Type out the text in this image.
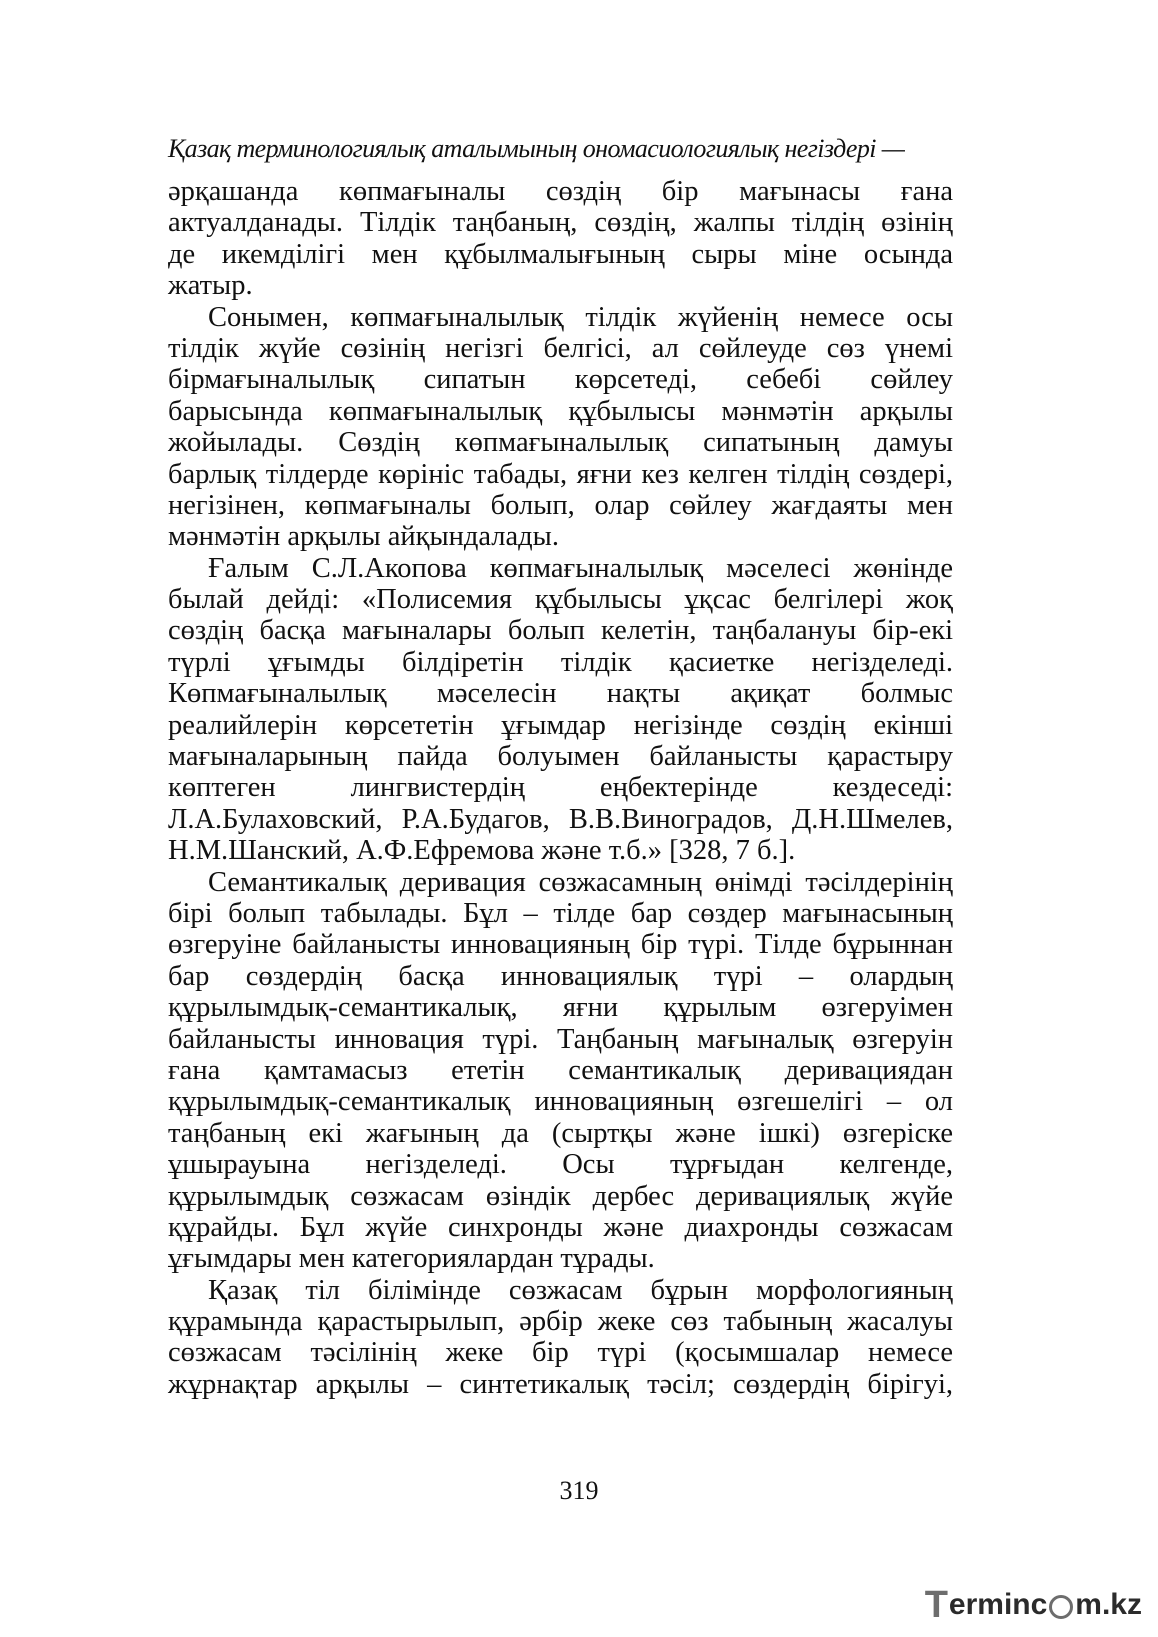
Қазақ терминологиялық аталымының ономасиологиялық негіздері —
әрқашанда көпмағыналы сөздің бір мағынасы ғана
актуалданады. Тілдік таңбаның, сөздің, жалпы тілдің өзінің
де икемділігі мен құбылмалығының сыры міне осында
жатыр.
Сонымен, көпмағыналылық тілдік жүйенің немесе осы
тілдік жүйе сөзінің негізгі белгісі, ал сөйлеуде сөз үнемі
бірмағыналылық сипатын көрсетеді, себебі сөйлеу
барысында көпмағыналылық құбылысы мәнмәтін арқылы
жойылады. Сөздің көпмағыналылық сипатының дамуы
барлық тілдерде көрініс табады, яғни кез келген тілдің сөздері,
негізінен, көпмағыналы болып, олар сөйлеу жағдаяты мен
мәнмәтін арқылы айқындалады.
Ғалым С.Л.Акопова көпмағыналылық мәселесі жөнінде
былай дейді: «Полисемия құбылысы ұқсас белгілері жоқ
сөздің басқа мағыналары болып келетін, таңбалануы бір-екі
түрлі ұғымды білдіретін тілдік қасиетке негізделеді.
Көпмағыналылық мәселесін нақты ақиқат болмыс
реалийлерін көрсететін ұғымдар негізінде сөздің екінші
мағыналарының пайда болуымен байланысты қарастыру
көптеген лингвистердің еңбектерінде кездеседі:
Л.А.Булаховский, Р.А.Будагов, В.В.Виноградов, Д.Н.Шмелев,
Н.М.Шанский, А.Ф.Ефремова және т.б.» [328, 7 б.].
Семантикалық деривация сөзжасамның өнімді тәсілдерінің
бірі болып табылады. Бұл – тілде бар сөздер мағынасының
өзгеруіне байланысты инновацияның бір түрі. Тілде бұрыннан
бар сөздердің басқа инновациялық түрі – олардың
құрылымдық-семантикалық, яғни құрылым өзгеруімен
байланысты инновация түрі. Таңбаның мағыналық өзгеруін
ғана қамтамасыз ететін семантикалық деривациядан
құрылымдық-семантикалық инновацияның өзгешелігі – ол
таңбаның екі жағының да (сыртқы және ішкі) өзгеріске
ұшырауына негізделеді. Осы тұрғыдан келгенде,
құрылымдық сөзжасам өзіндік дербес деривациялық жүйе
құрайды. Бұл жүйе синхронды және диахронды сөзжасам
ұғымдары мен категориялардан тұрады.
Қазақ тіл білімінде сөзжасам бұрын морфологияның
құрамында қарастырылып, әрбір жеке сөз табының жасалуы
сөзжасам тәсілінің жеке бір түрі (қосымшалар немесе
жұрнақтар арқылы – синтетикалық тәсіл; сөздердің бірігуі,
319
T erminc m.kz
